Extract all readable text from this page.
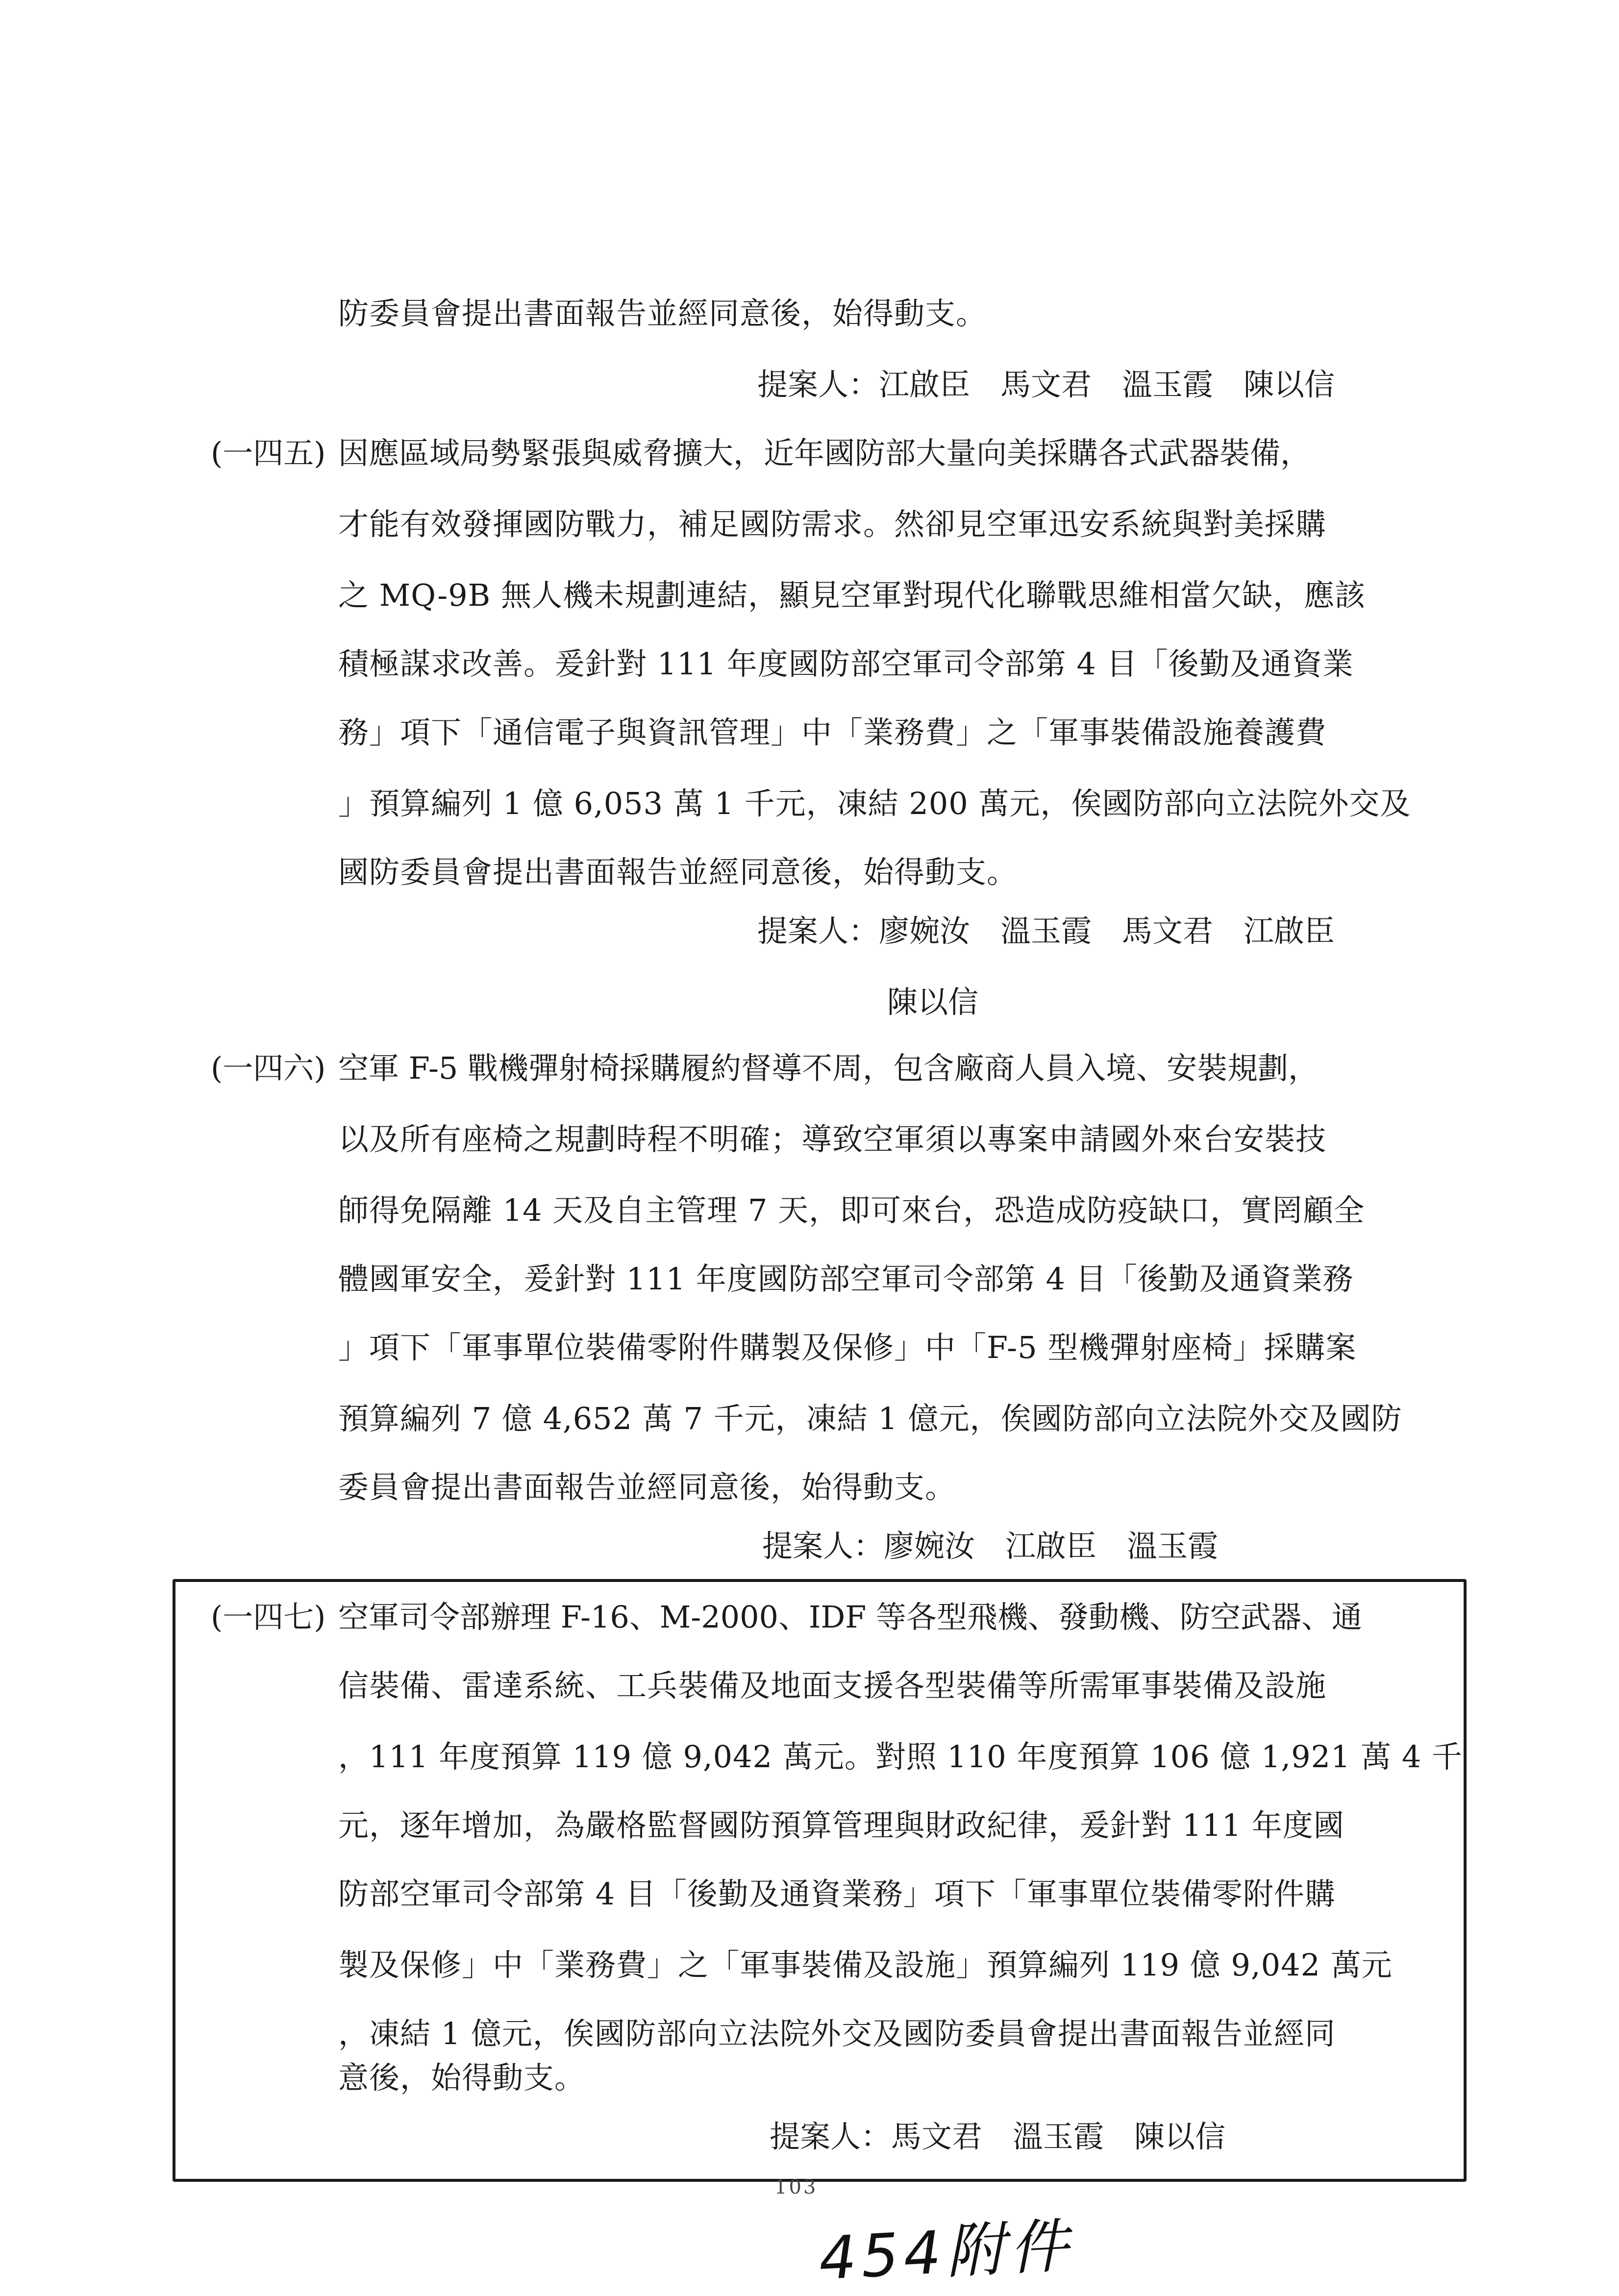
防委員會提出書面報告並經同意後，始得動支。
提案人：江啟臣　馬文君　溫玉霞　陳以信
(一四五) 因應區域局勢緊張與威脅擴大，近年國防部大量向美採購各式武器裝備，
才能有效發揮國防戰力，補足國防需求。然卻見空軍迅安系統與對美採購
之 MQ-9B 無人機未規劃連結，顯見空軍對現代化聯戰思維相當欠缺，應該
積極謀求改善。爰針對 111 年度國防部空軍司令部第 4 目「後勤及通資業
務」項下「通信電子與資訊管理」中「業務費」之「軍事裝備設施養護費
」預算編列 1 億 6,053 萬 1 千元，凍結 200 萬元，俟國防部向立法院外交及
國防委員會提出書面報告並經同意後，始得動支。
提案人：廖婉汝　溫玉霞　馬文君　江啟臣
陳以信
(一四六) 空軍 F-5 戰機彈射椅採購履約督導不周，包含廠商人員入境、安裝規劃，
以及所有座椅之規劃時程不明確；導致空軍須以專案申請國外來台安裝技
師得免隔離 14 天及自主管理 7 天，即可來台，恐造成防疫缺口，實罔顧全
體國軍安全，爰針對 111 年度國防部空軍司令部第 4 目「後勤及通資業務
」項下「軍事單位裝備零附件購製及保修」中「F-5 型機彈射座椅」採購案
預算編列 7 億 4,652 萬 7 千元，凍結 1 億元，俟國防部向立法院外交及國防
委員會提出書面報告並經同意後，始得動支。
提案人：廖婉汝　江啟臣　溫玉霞
(一四七) 空軍司令部辦理 F-16、M-2000、IDF 等各型飛機、發動機、防空武器、通
信裝備、雷達系統、工兵裝備及地面支援各型裝備等所需軍事裝備及設施
，111 年度預算 119 億 9,042 萬元。對照 110 年度預算 106 億 1,921 萬 4 千
元，逐年增加，為嚴格監督國防預算管理與財政紀律，爰針對 111 年度國
防部空軍司令部第 4 目「後勤及通資業務」項下「軍事單位裝備零附件購
製及保修」中「業務費」之「軍事裝備及設施」預算編列 119 億 9,042 萬元
，凍結 1 億元，俟國防部向立法院外交及國防委員會提出書面報告並經同
意後，始得動支。
提案人：馬文君　溫玉霞　陳以信
103
454附件
